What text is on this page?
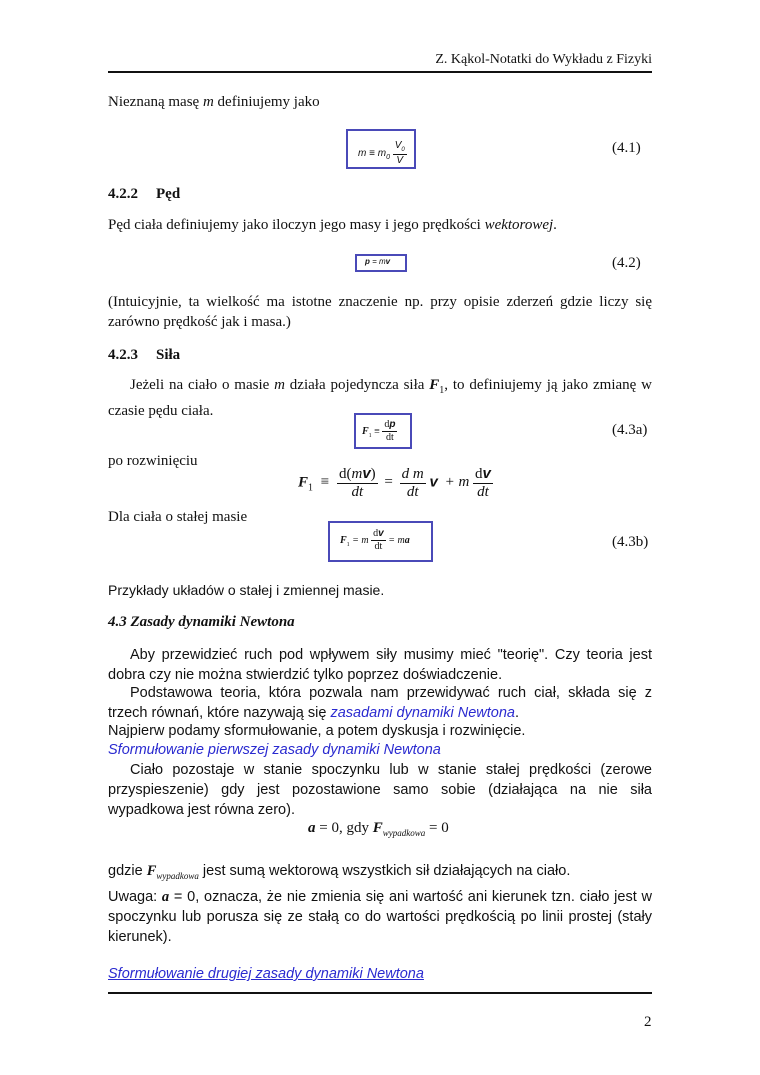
Z. Kąkol-Notatki do Wykładu z Fizyki
Nieznaną masę m definiujemy jako
$m \equiv m_0 \frac{V_0}{V}$	(4.1)
4.2.2 Pęd
Pęd ciała definiujemy jako iloczyn jego masy i jego prędkości wektorowej.
p = mv	(4.2)
(Intuicyjnie, ta wielkość ma istotne znaczenie np. przy opisie zderzeń gdzie liczy się zarówno prędkość jak i masa.)
4.2.3 Siła
Jeżeli na ciało o masie m działa pojedyncza siła $F_1$, to definiujemy ją jako zmianę w czasie pędu ciała.
$F_1 \equiv \frac{dp}{dt}$	(4.3a)
po rozwinięciu
$F_1 \equiv \frac{d(mv)}{dt} = \frac{\text{d m}}{dt}$ v + m $\frac{dv}{dt}$
Dla ciała o stałej masie
$F_1 = m \frac{dv}{dt}$ = ma	(4.3b)
Przykłady układów o stałej i zmiennej masie.
4.3 Zasady dynamiki Newtona
Aby przewidzieć ruch pod wpływem siły musimy mieć "teorię". Czy teoria jest dobra czy nie można stwierdzić tylko poprzez doświadczenie.
Podstawowa teoria, która pozwala nam przewidywać ruch ciał, składa się z trzech równań, które nazywają się zasadami dynamiki Newtona.
Najpierw podamy sformułowanie, a potem dyskusja i rozwinięcie.
Sformułowanie pierwszej zasady dynamiki Newtona
Ciało pozostaje w stanie spoczynku lub w stanie stałej prędkości (zerowe przyspieszenie) gdy jest pozostawione samo sobie (działająca na nie siła wypadkowa jest równa zero).
a = 0, gdy $F_{wypadkowa} = 0$
gdzie $F_{wypadkowa}$ jest sumą wektorową wszystkich sił działających na ciało.
Uwaga: a = 0, oznacza, że nie zmienia się ani wartość ani kierunek tzn. ciało jest w spoczynku lub porusza się ze stałą co do wartości prędkością po linii prostej (stały kierunek).
Sformułowanie drugiej zasady dynamiki Newtona
2
